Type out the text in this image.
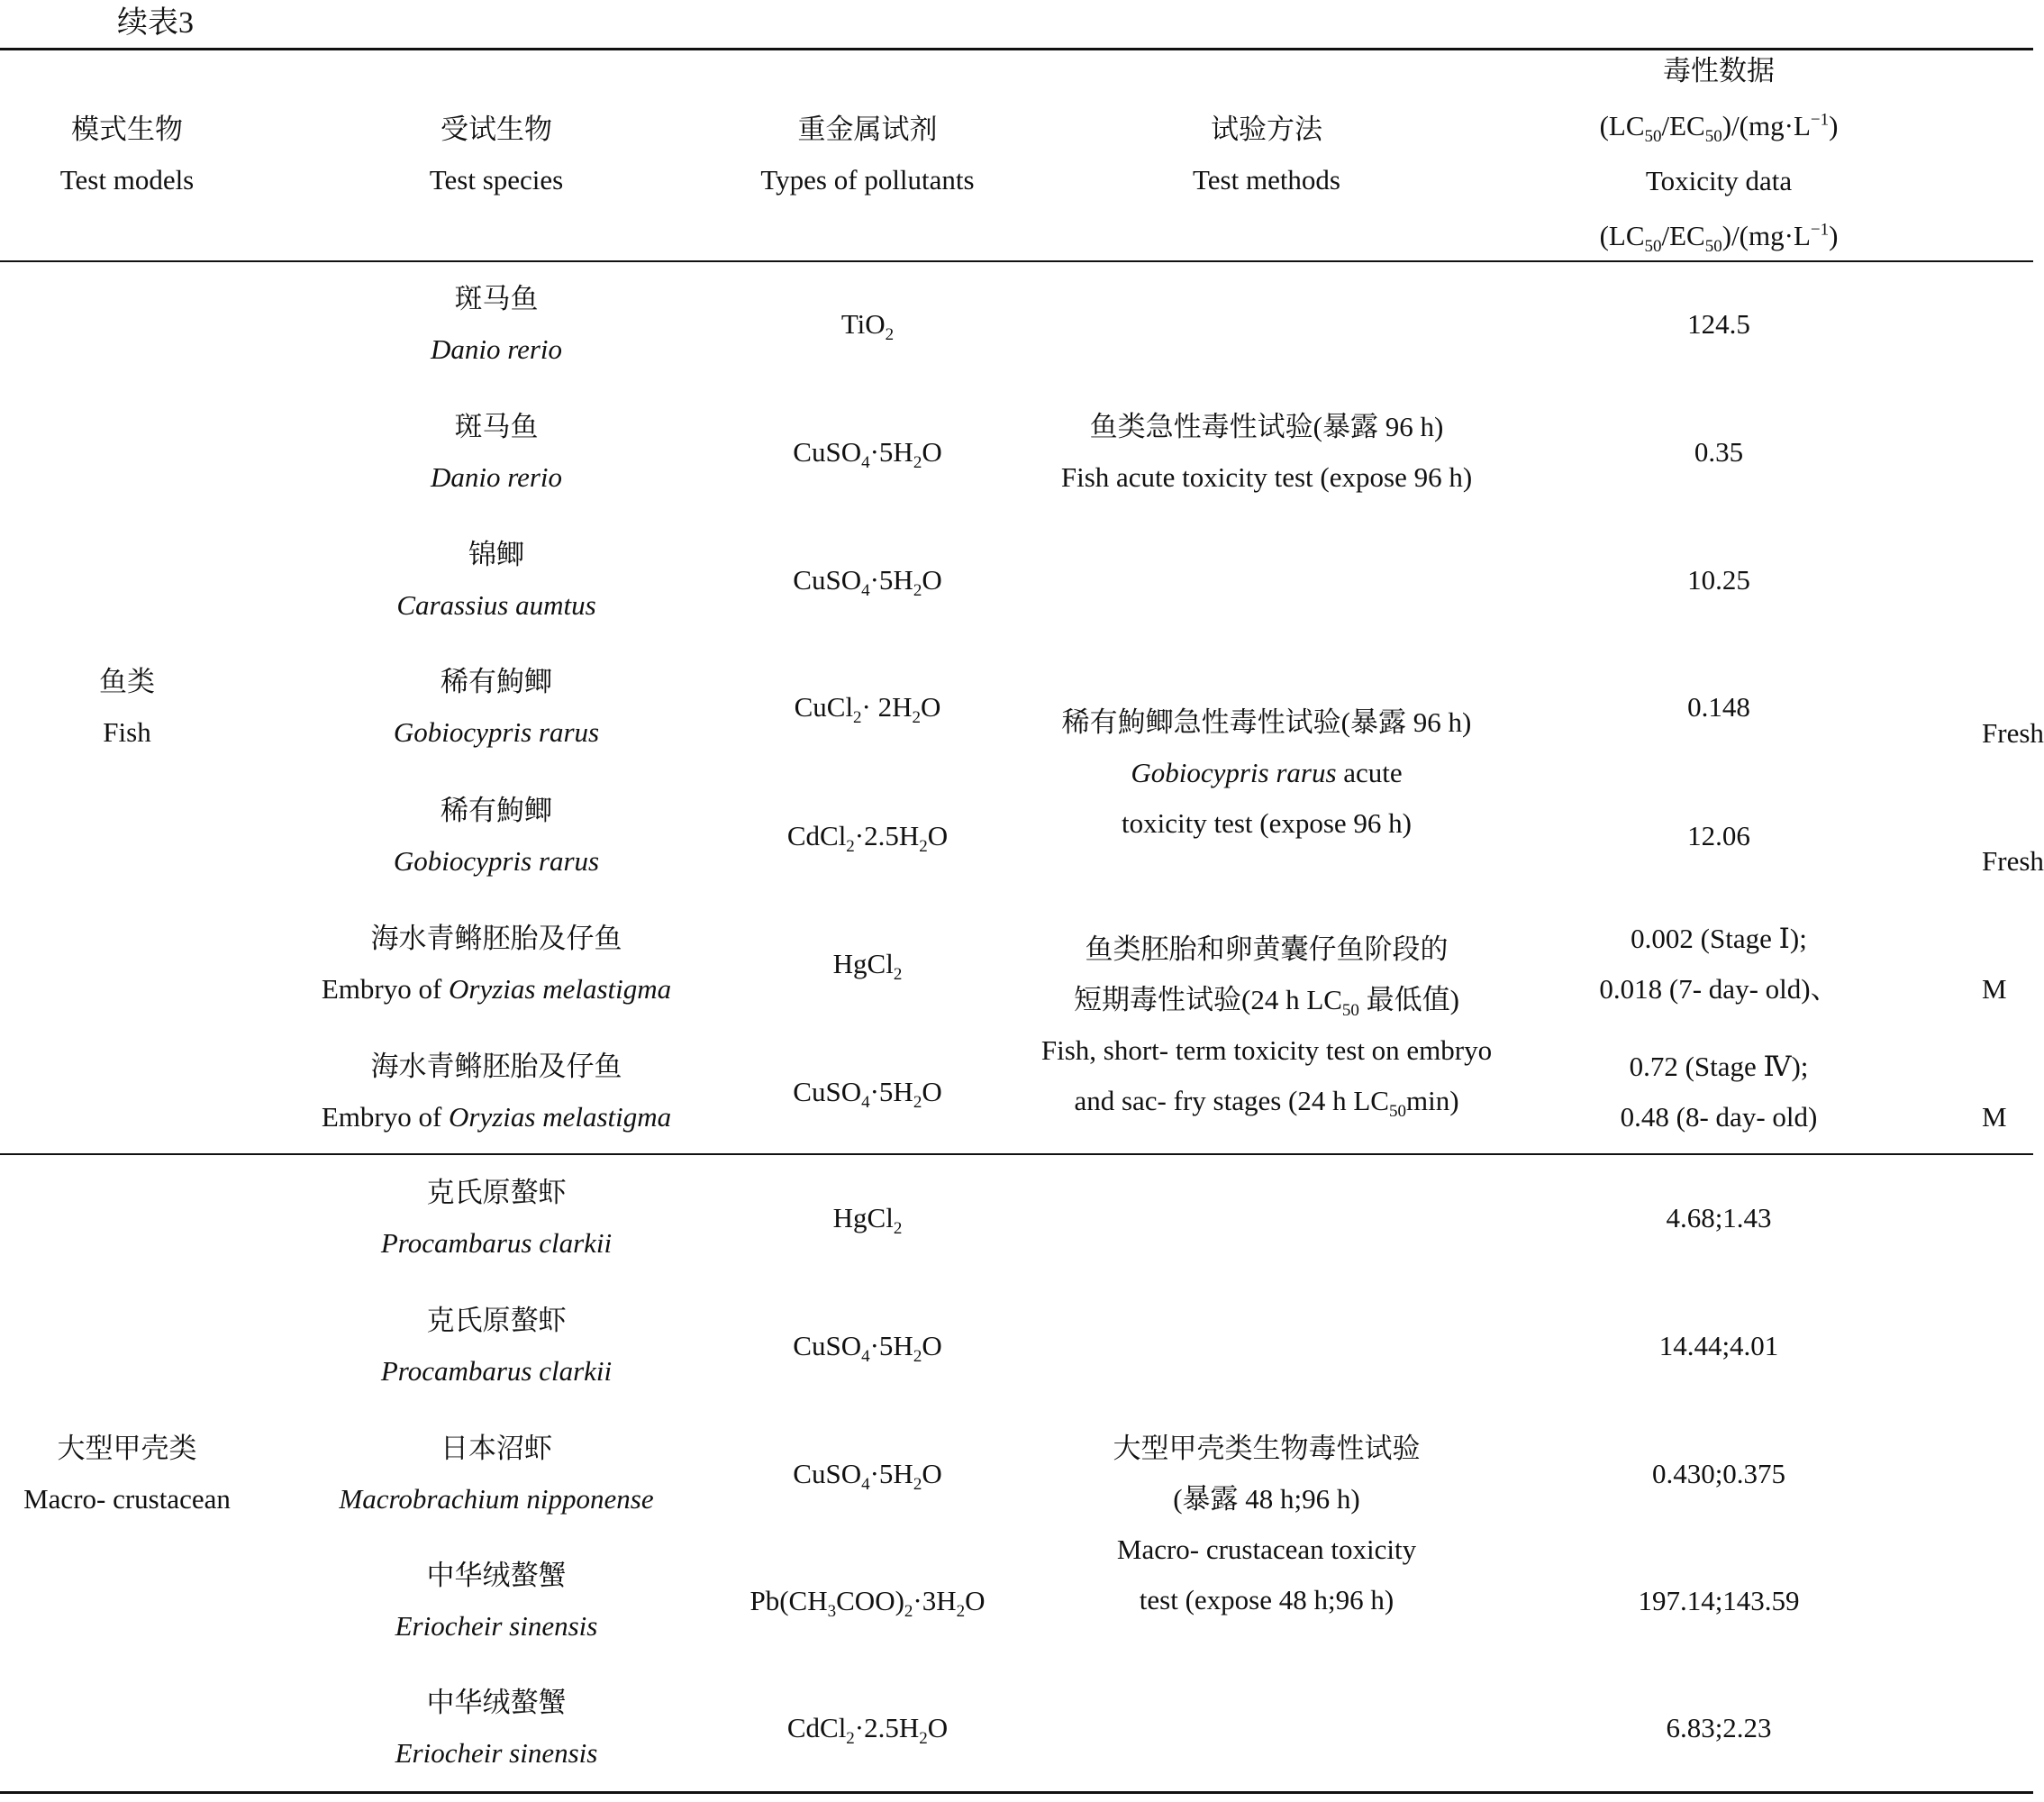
续表3
模式生物
Test models
受试生物
Test species
重金属试剂
Types of pollutants
试验方法
Test methods
毒性数据
$(LC_{50}/EC_{50})/(mg\cdot L^{-1})$
Toxicity data
$(LC_{50}/EC_{50})/(mg\cdot L^{-1})$
鱼类
Fish
大型甲壳类
Macro- crustacean
斑马鱼
Danio rerio
斑马鱼
Danio rerio
锦鲫
Carassius aumtus
稀有鮈鲫
Gobiocypris rarus
稀有鮈鲫
Gobiocypris rarus
海水青鳉胚胎及仔鱼
Embryo of Oryzias melastigma
海水青鳉胚胎及仔鱼
Embryo of Oryzias melastigma
克氏原螯虾
Procambarus clarkii
克氏原螯虾
Procambarus clarkii
日本沼虾
Macrobrachium nipponense
中华绒螯蟹
Eriocheir sinensis
中华绒螯蟹
Eriocheir sinensis
TiO$_2$
$CuSO_4\cdot 5H_2O$
$CuSO_4\cdot 5H_2O$
CuCl$_2$· $2H_2O$
$CdCl_2\cdot 2.5H_2O$
HgCl$_2$
$CuSO_4\cdot 5H_2O$
HgCl$_2$
$CuSO_4\cdot 5H_2O$
$CuSO_4\cdot 5H_2O$
$Pb(CH_3COO)_2\cdot 3H_2O$
$CdCl_2\cdot 2.5H_2O$
鱼类急性毒性试验(暴露 96 h)
Fish acute toxicity test (expose 96 h)
稀有鮈鲫急性毒性试验(暴露 96 h)
Gobiocypris rarus acute
toxicity test (expose 96 h)
鱼类胚胎和卵黄囊仔鱼阶段的
短期毒性试验(24 h $LC_{50}$ 最低值)
Fish, short- term toxicity test on embryo
and sac- fry stages (24 h $LC_{50}\min$)
大型甲壳类生物毒性试验
(暴露 48 h;96 h)
Macro- crustacean toxicity
test (expose 48 h;96 h)
124.5
0.35
10.25
0.148
12.06
0.002 (Stage Ⅰ);
0.018 (7- day- old)、
0.72 (Stage Ⅳ);
0.48 (8- day- old)
4.68;1.43
14.44;4.01
0.430;0.375
197.14;143.59
6.83;2.23
Fresh
Fresh
M
M
